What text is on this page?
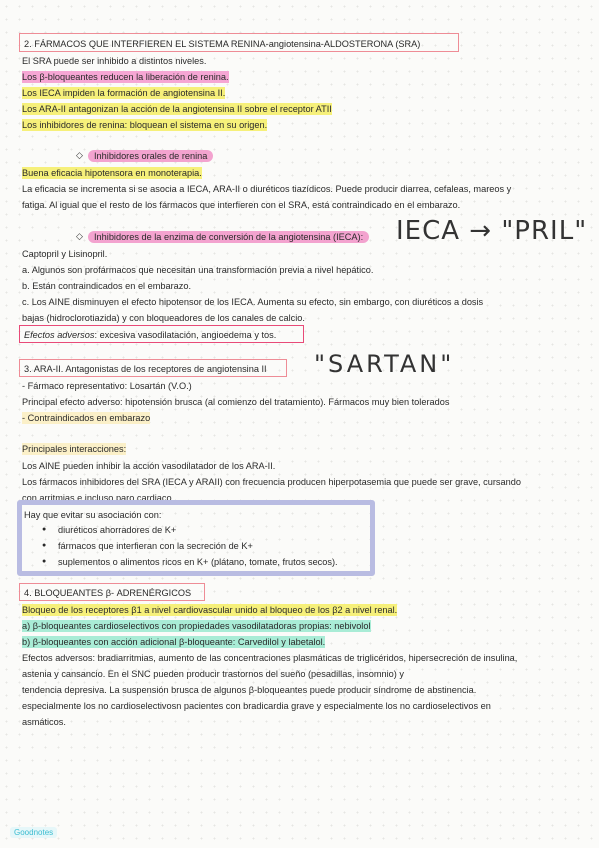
2. FÁRMACOS QUE INTERFIEREN EL SISTEMA RENINA-angiotensina-ALDOSTERONA (SRA)
El SRA puede ser inhibido a distintos niveles.
Los β-bloqueantes reducen la liberación de renina.
Los IECA impiden la formación de angiotensina II.
Los ARA-II antagonizan la acción de la angiotensina II sobre el receptor ATII
Los inhibidores de renina: bloquean el sistema en su origen.
◇	Inhibidores orales de renina
Buena eficacia hipotensora en monoterapia.
La eficacia se incrementa si se asocia a IECA, ARA-II o diuréticos tiazídicos. Puede producir diarrea, cefaleas, mareos y
fatiga. Al igual que el resto de los fármacos que interfieren con el SRA, está contraindicado en el embarazo.
◇	Inhibidores de la enzima de conversión de la angiotensina (IECA): IECA → "PRIL"
Captopril y Lisinopril.
a. Algunos son profármacos que necesitan una transformación previa a nivel hepático.
b. Están contraindicados en el embarazo.
c. Los AINE disminuyen el efecto hipotensor de los IECA. Aumenta su efecto, sin embargo, con diuréticos a dosis
bajas (hidroclorotiazida) y con bloqueadores de los canales de calcio.
Efectos adversos: excesiva vasodilatación, angioedema y tos.
3. ARA-II. Antagonistas de los receptores de angiotensina II "SARTAN"
- Fármaco representativo: Losartán (V.O.)
Principal efecto adverso: hipotensión brusca (al comienzo del tratamiento). Fármacos muy bien tolerados
- Contraindicados en embarazo
Principales interacciones:
Los AINE pueden inhibir la acción vasodilatador de los ARA-II.
Los fármacos inhibidores del SRA (IECA y ARAII) con frecuencia producen hiperpotasemia que puede ser grave, cursando
con arritmias e incluso paro cardiaco.
Hay que evitar su asociación con:
● diuréticos ahorradores de K+
● fármacos que interfieran con la secreción de K+
● suplementos o alimentos ricos en K+ (plátano, tomate, frutos secos).
4. BLOQUEANTES β- ADRENÉRGICOS
Bloqueo de los receptores β1 a nivel cardiovascular unido al bloqueo de los β2 a nivel renal.
a) β-bloqueantes cardioselectivos con propiedades vasodilatadoras propias: nebivolol
b) β-bloqueantes con acción adicional β-bloqueante: Carvedilol y labetalol.
Efectos adversos: bradiarritmias, aumento de las concentraciones plasmáticas de triglicéridos, hipersecreción de insulina,
astenia y cansancio. En el SNC pueden producir trastornos del sueño (pesadillas, insomnio) y
tendencia depresiva. La suspensión brusca de algunos β-bloqueantes puede producir síndrome de abstinencia.
especialmente los no cardioselectivosn pacientes con bradicardia grave y especialmente los no cardioselectivos en
asmáticos.
Goodnotes
